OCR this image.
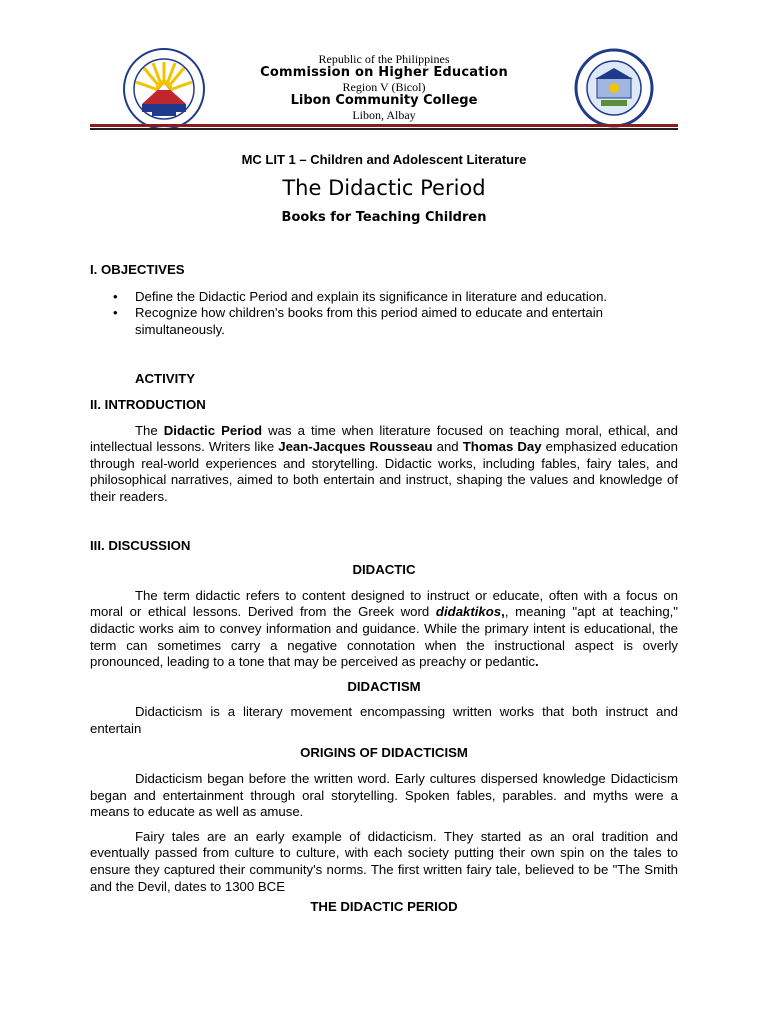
Republic of the Philippines
Commission on Higher Education
Region V (Bicol)
Libon Community College
Libon, Albay
MC LIT 1 – Children and Adolescent Literature
The Didactic Period
Books for Teaching Children

I. OBJECTIVES

• Define the Didactic Period and explain its significance in literature and education.
• Recognize how children's books from this period aimed to educate and entertain simultaneously.

ACTIVITY

II. INTRODUCTION

The Didactic Period was a time when literature focused on teaching moral, ethical, and intellectual lessons. Writers like Jean-Jacques Rousseau and Thomas Day emphasized education through real-world experiences and storytelling. Didactic works, including fables, fairy tales, and philosophical narratives, aimed to both entertain and instruct, shaping the values and knowledge of their readers.

III. DISCUSSION

DIDACTIC

The term didactic refers to content designed to instruct or educate, often with a focus on moral or ethical lessons. Derived from the Greek word didaktikos,, meaning "apt at teaching," didactic works aim to convey information and guidance. While the primary intent is educational, the term can sometimes carry a negative connotation when the instructional aspect is overly pronounced, leading to a tone that may be perceived as preachy or pedantic.

DIDACTISM

Didacticism is a literary movement encompassing written works that both instruct and entertain

ORIGINS OF DIDACTICISM

Didacticism began before the written word. Early cultures dispersed knowledge Didacticism began and entertainment through oral storytelling. Spoken fables, parables. and myths were a means to educate as well as amuse.

Fairy tales are an early example of didacticism. They started as an oral tradition and eventually passed from culture to culture, with each society putting their own spin on the tales to ensure they captured their community's norms. The first written fairy tale, believed to be "The Smith and the Devil, dates to 1300 BCE

THE DIDACTIC PERIOD
